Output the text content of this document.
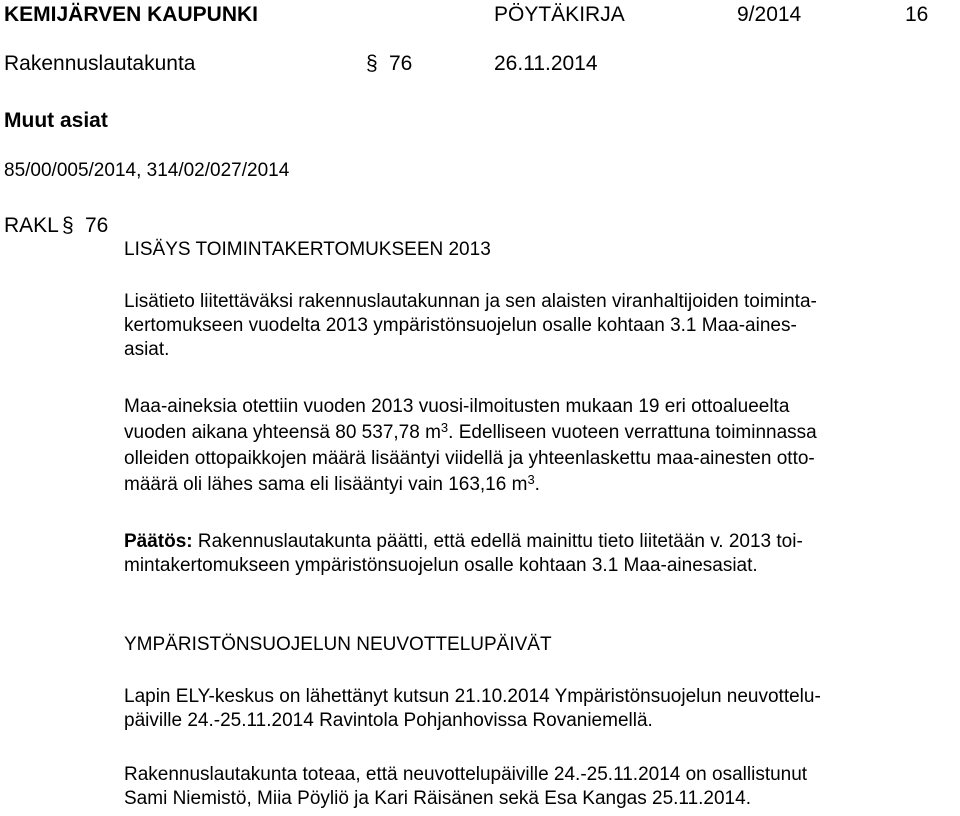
KEMIJÄRVEN KAUPUNKI	PÖYTÄKIRJA	9/2014	16
Rakennuslautakunta	§ 76	26.11.2014
Muut asiat
85/00/005/2014, 314/02/027/2014
RAKL § 76
LISÄYS TOIMINTAKERTOMUKSEEN 2013
Lisätieto liitettäväksi rakennuslautakunnan ja sen alaisten viranhaltijoiden toiminta-
kertomukseen vuodelta 2013 ympäristönsuojelun osalle kohtaan 3.1 Maa-aines-
asiat.
Maa-aineksia otettiin vuoden 2013 vuosi-ilmoitusten mukaan 19 eri ottoalueelta
vuoden aikana yhteensä 80 537,78 $m^3$. Edelliseen vuoteen verrattuna toiminnassa
olleiden ottopaikkojen määrä lisääntyi viidellä ja yhteenlaskettu maa-ainesten otto-
määrä oli lähes sama eli lisääntyi vain 163,16 $m^3$.
Päätös: Rakennuslautakunta päätti, että edellä mainittu tieto liitetään v. 2013 toi-
mintakertomukseen ympäristönsuojelun osalle kohtaan 3.1 Maa-ainesasiat.
YMPÄRISTÖNSUOJELUN NEUVOTTELUPÄIVÄT
Lapin ELY-keskus on lähettänyt kutsun 21.10.2014 Ympäristönsuojelun neuvottelu-
päiville 24.-25.11.2014 Ravintola Pohjanhovissa Rovaniemellä.
Rakennuslautakunta toteaa, että neuvottelupäiville 24.-25.11.2014 on osallistunut
Sami Niemistö, Miia Pöyliö ja Kari Räisänen sekä Esa Kangas 25.11.2014.
